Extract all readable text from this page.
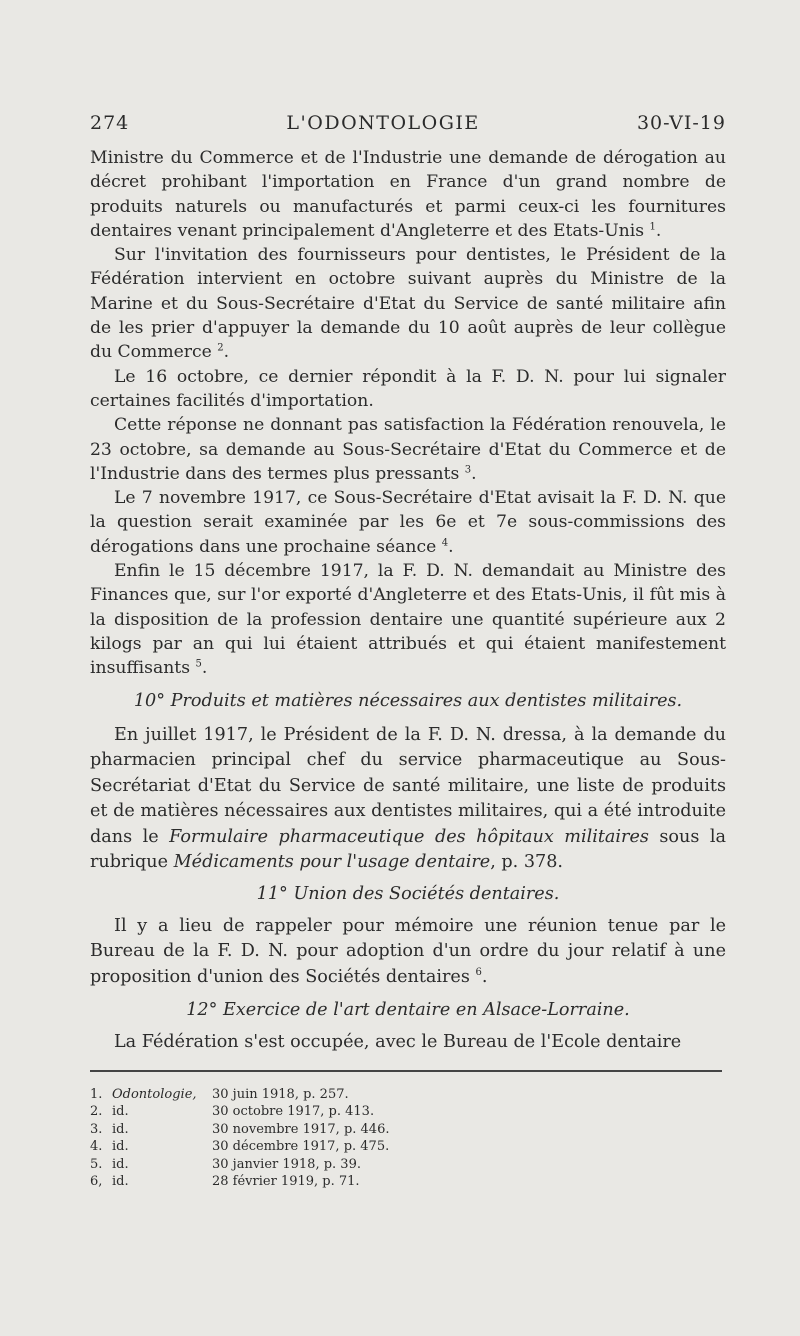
274	L'ODONTOLOGIE	30-VI-19

Ministre du Commerce et de l'Industrie une demande de dérogation au décret prohibant l'importation en France d'un grand nombre de produits naturels ou manufacturés et parmi ceux-ci les fournitures dentaires venant principalement d'Angleterre et des Etats-Unis $^1$.

Sur l'invitation des fournisseurs pour dentistes, le Président de la Fédération intervient en octobre suivant auprès du Ministre de la Marine et du Sous-Secrétaire d'Etat du Service de santé militaire afin de les prier d'appuyer la demande du 10 août auprès de leur collègue du Commerce $^2$.

Le 16 octobre, ce dernier répondit à la F. D. N. pour lui signaler certaines facilités d'importation.

Cette réponse ne donnant pas satisfaction la Fédération renouvela, le 23 octobre, sa demande au Sous-Secrétaire d'Etat du Commerce et de l'Industrie dans des termes plus pressants $^3$.

Le 7 novembre 1917, ce Sous-Secrétaire d'Etat avisait la F. D. N. que la question serait examinée par les 6e et 7e sous-commissions des dérogations dans une prochaine séance $^4$.

Enfin le 15 décembre 1917, la F. D. N. demandait au Ministre des Finances que, sur l'or exporté d'Angleterre et des Etats-Unis, il fût mis à la disposition de la profession dentaire une quantité supérieure aux 2 kilogs par an qui lui étaient attribués et qui étaient manifestement insuffisants $^5$.

10° Produits et matières nécessaires aux dentistes militaires.

En juillet 1917, le Président de la F. D. N. dressa, à la demande du pharmacien principal chef du service pharmaceutique au Sous-Secrétariat d'Etat du Service de santé militaire, une liste de produits et de matières nécessaires aux dentistes militaires, qui a été introduite dans le Formulaire pharmaceutique des hôpitaux militaires sous la rubrique Médicaments pour l'usage dentaire, p. 378.

11° Union des Sociétés dentaires.

Il y a lieu de rappeler pour mémoire une réunion tenue par le Bureau de la F. D. N. pour adoption d'un ordre du jour relatif à une proposition d'union des Sociétés dentaires $^6$.

12° Exercice de l'art dentaire en Alsace-Lorraine.

La Fédération s'est occupée, avec le Bureau de l'Ecole dentaire

1. Odontologie,	30 juin 1918, p. 257.
2. id.	30 octobre 1917, p. 413.
3. id.	30 novembre 1917, p. 446.
4. id.	30 décembre 1917, p. 475.
5. id.	30 janvier 1918, p. 39.
6, id.	28 février 1919, p. 71.
